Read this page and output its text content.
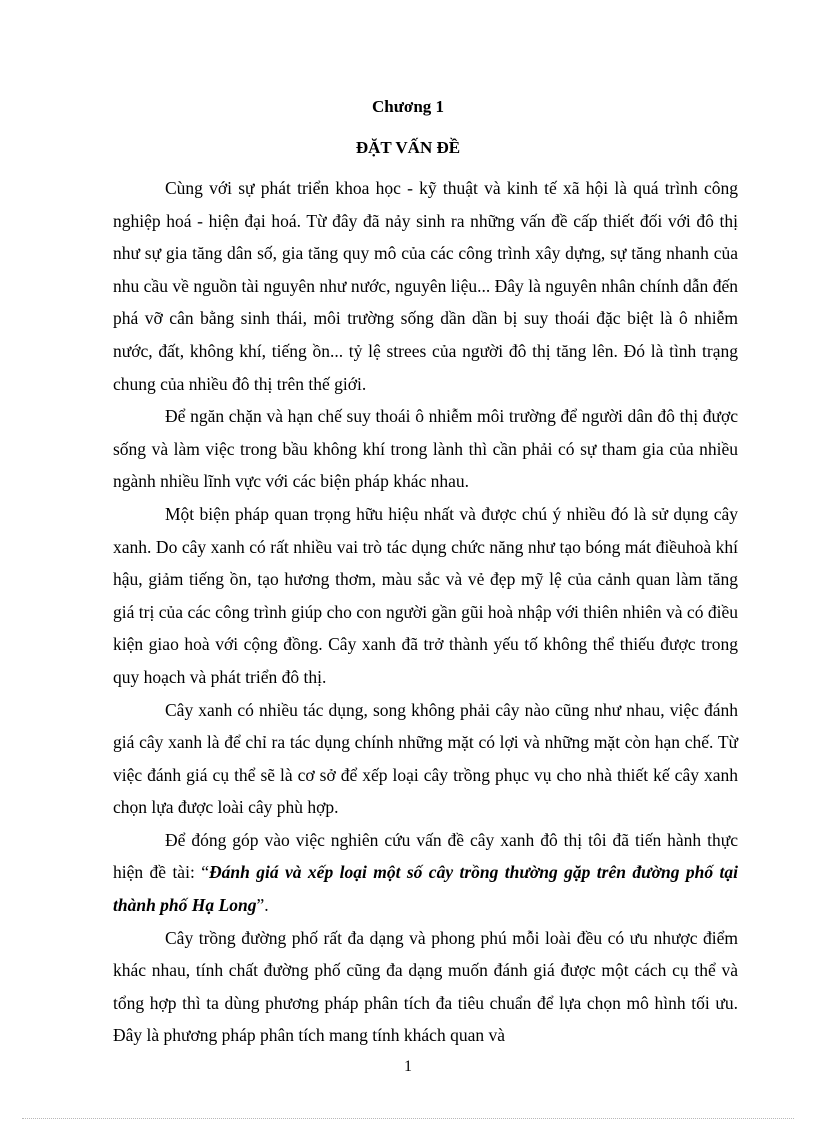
Chương 1
ĐẶT VẤN ĐỀ

Cùng với sự phát triển khoa học - kỹ thuật và kinh tế xã hội là quá trình công nghiệp hoá - hiện đại hoá. Từ đây đã nảy sinh ra những vấn đề cấp thiết đối với đô thị như sự gia tăng dân số, gia tăng quy mô của các công trình xây dựng, sự tăng nhanh của nhu cầu về nguồn tài nguyên như nước, nguyên liệu... Đây là nguyên nhân chính dẫn đến phá vỡ cân bằng sinh thái, môi trường sống dần dần bị suy thoái đặc biệt là ô nhiễm nước, đất, không khí, tiếng ồn... tỷ lệ strees của người đô thị tăng lên. Đó là tình trạng chung của nhiều đô thị trên thế giới.

Để ngăn chặn và hạn chế suy thoái ô nhiễm môi trường để người dân đô thị được sống và làm việc trong bầu không khí trong lành thì cần phải có sự tham gia của nhiều ngành nhiều lĩnh vực với các biện pháp khác nhau.

Một biện pháp quan trọng hữu hiệu nhất và được chú ý nhiều đó là sử dụng cây xanh. Do cây xanh có rất nhiều vai trò tác dụng chức năng như tạo bóng mát điềuhoà khí hậu, giảm tiếng ồn, tạo hương thơm, màu sắc và vẻ đẹp mỹ lệ của cảnh quan làm tăng giá trị của các công trình giúp cho con người gần gũi hoà nhập với thiên nhiên và có điều kiện giao hoà với cộng đồng. Cây xanh đã trở thành yếu tố không thể thiếu được trong quy hoạch và phát triển đô thị.

Cây xanh có nhiều tác dụng, song không phải cây nào cũng như nhau, việc đánh giá cây xanh là để chỉ ra tác dụng chính những mặt có lợi và những mặt còn hạn chế. Từ việc đánh giá cụ thể sẽ là cơ sở để xếp loại cây trồng phục vụ cho nhà thiết kế cây xanh chọn lựa được loài cây phù hợp.

Để đóng góp vào việc nghiên cứu vấn đề cây xanh đô thị tôi đã tiến hành thực hiện đề tài: “Đánh giá và xếp loại một số cây trồng thường gặp trên đường phố tại thành phố Hạ Long”.

Cây trồng đường phố rất đa dạng và phong phú mỗi loài đều có ưu nhược điểm khác nhau, tính chất đường phố cũng đa dạng muốn đánh giá được một cách cụ thể và tổng hợp thì ta dùng phương pháp phân tích đa tiêu chuẩn để lựa chọn mô hình tối ưu. Đây là phương pháp phân tích mang tính khách quan và

1
